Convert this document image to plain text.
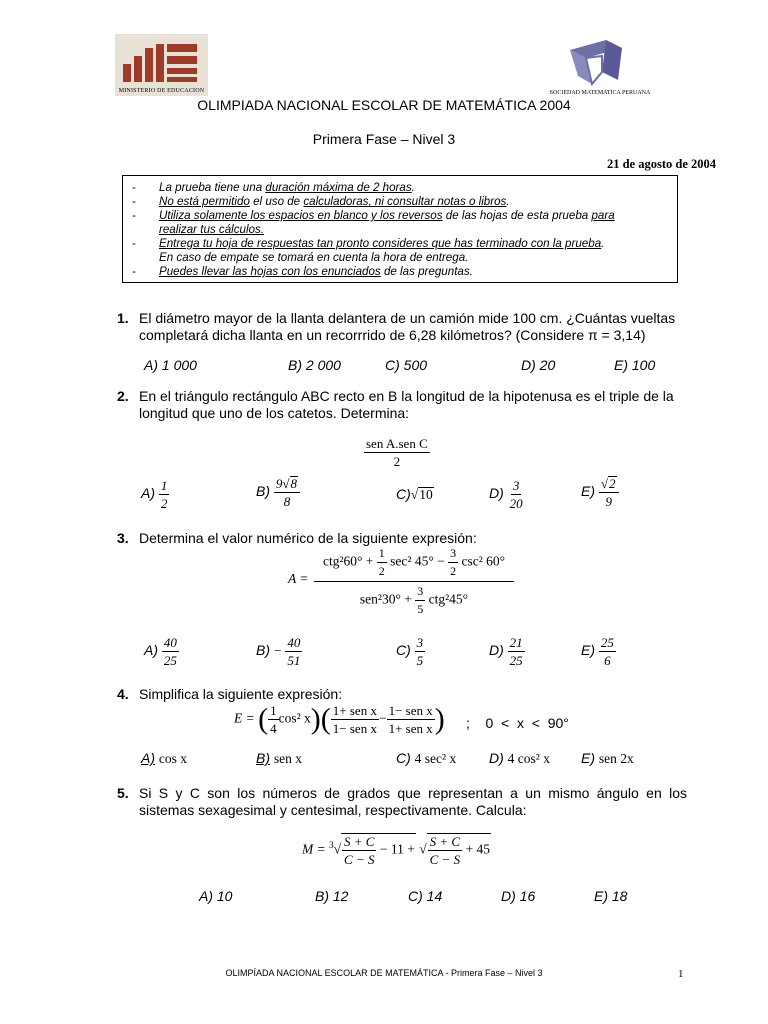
MINISTERIO DE EDUCACION	SOCIEDAD MATEMATICA PERUANA
OLIMPIADA NACIONAL ESCOLAR DE MATEMÁTICA 2004
Primera Fase – Nivel 3
21 de agosto de 2004
-	La prueba tiene una duración máxima de 2 horas.
-	No está permitido el uso de calculadoras, ni consultar notas o libros.
-	Utiliza solamente los espacios en blanco y los reversos de las hojas de esta prueba para
realizar tus cálculos.
-	Entrega tu hoja de respuestas tan pronto consideres que has terminado con la prueba.
En caso de empate se tomará en cuenta la hora de entrega.
-	Puedes llevar las hojas con los enunciados de las preguntas.
1. El diámetro mayor de la llanta delantera de un camión mide 100 cm. ¿Cuántas vueltas
completará dicha llanta en un recorrrido de 6,28 kilómetros? (Considere π = 3,14)
A) 1 000	B) 2 000	C) 500	D) 20	E) 100
2. En el triángulo rectángulo ABC recto en B la longitud de la hipotenusa es el triple de la
longitud que uno de los catetos. Determina:
$\frac{\text{sen A.sen C}}{2}$
$A) \frac{1}{2}$	$B) \frac{9√8}{8}$	C)√10	$D) \frac{3}{20}$	$E) \frac{√2}{9}$
3. Determina el valor numérico de la siguiente expresión:
A =
$ctg^260^\circ + \frac{1}{2} \sec^2$ $45^\circ - \frac{3}{2} \csc^2$ 60°
$sen^230^\circ + \frac{3}{5} ctg^245^\circ$
$A) \frac{40}{25}$	$B) - \frac{40}{51}$	$C) \frac{3}{5}$	$D) \frac{21}{25}$	$E) \frac{25}{6}$
4. Simplifica la siguiente expresión:
E = ( $\frac{1}{4} \cos^2$ $x)( \frac{\text{1+ sen x}}{\text{1− sen x}} - \frac{\text{1− sen x}}{\text{1+ sen x}}$ ) ;    0  <  x  <  90°
A) cos x	B) sen x	C) 4 sec² x D) 4 cos² x E) sen 2x
5. Si S y C son los números de grados que representan a un mismo ángulo en los
sistemas sexagesimal y centesimal, respectivamente. Calcula:
$M = ^3√ \frac{S + C}{C - S} - 11$ + √ $\frac{S + C}{C - S} + 45$
A) 10	B) 12	C) 14	D) 16	E) 18
OLIMPÍADA NACIONAL ESCOLAR DE MATEMÁTICA - Primera Fase – Nivel 3	1
